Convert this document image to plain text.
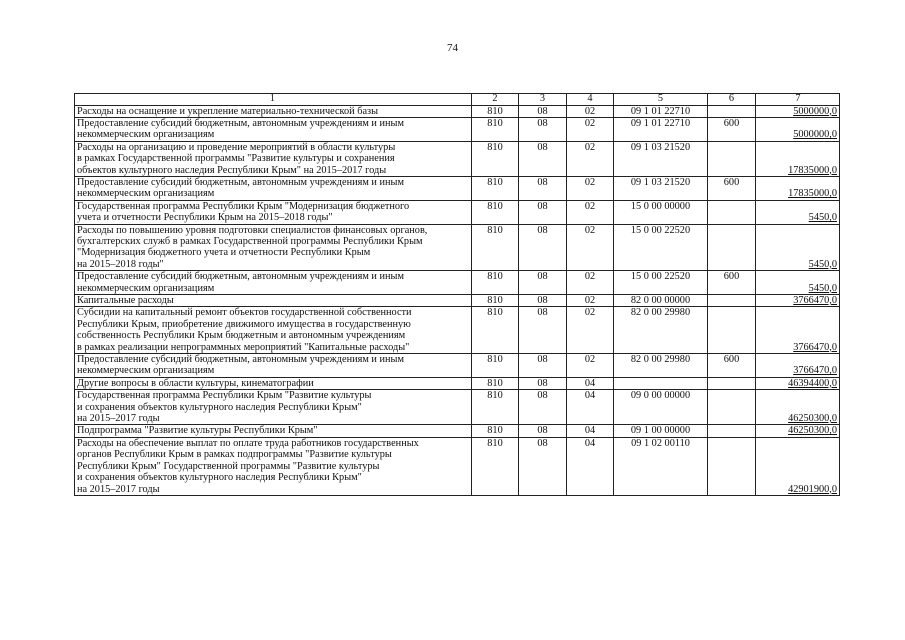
74
1	2	3	4	5	6	7
Расходы на оснащение и укрепление материально-технической базы	810	08	02	09 1 01 22710		5000000,0
Предоставление субсидий бюджетным, автономным учреждениям и иным
некоммерческим организациям	810	08	02	09 1 01 22710	600	5000000,0
Расходы на организацию и проведение мероприятий в области культуры
в рамках Государственной программы "Развитие культуры и сохранения
объектов культурного наследия Республики Крым" на 2015–2017 годы	810	08	02	09 1 03 21520		17835000,0
Предоставление субсидий бюджетным, автономным учреждениям и иным
некоммерческим организациям	810	08	02	09 1 03 21520	600	17835000,0
Государственная программа Республики Крым "Модернизация бюджетного
учета и отчетности Республики Крым на 2015–2018 годы"	810	08	02	15 0 00 00000		5450,0
Расходы по повышению уровня подготовки специалистов финансовых органов,
бухгалтерских служб в рамках Государственной программы Республики Крым
"Модернизация бюджетного учета и отчетности Республики Крым
на 2015–2018 годы"	810	08	02	15 0 00 22520		5450,0
Предоставление субсидий бюджетным, автономным учреждениям и иным
некоммерческим организациям	810	08	02	15 0 00 22520	600	5450,0
Капитальные расходы	810	08	02	82 0 00 00000		3766470,0
Субсидии на капитальный ремонт объектов государственной собственности
Республики Крым, приобретение движимого имущества в государственную
собственность Республики Крым бюджетным и автономным учреждениям
в рамках реализации непрограммных мероприятий "Капитальные расходы"	810	08	02	82 0 00 29980		3766470,0
Предоставление субсидий бюджетным, автономным учреждениям и иным
некоммерческим организациям	810	08	02	82 0 00 29980	600	3766470,0
Другие вопросы в области культуры, кинематографии	810	08	04			46394400,0
Государственная программа Республики Крым "Развитие культуры
и сохранения объектов культурного наследия Республики Крым"
на 2015–2017 годы	810	08	04	09 0 00 00000		46250300,0
Подпрограмма "Развитие культуры Республики Крым"	810	08	04	09 1 00 00000		46250300,0
Расходы на обеспечение выплат по оплате труда работников государственных
органов Республики Крым в рамках подпрограммы "Развитие культуры
Республики Крым" Государственной программы "Развитие культуры
и сохранения объектов культурного наследия Республики Крым"
на 2015–2017 годы	810	08	04	09 1 02 00110		42901900,0
